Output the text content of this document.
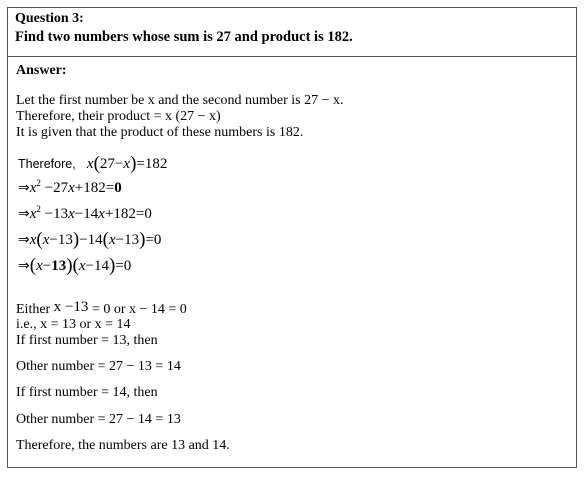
Question 3:
Find two numbers whose sum is 27 and product is 182.
Answer:
Let the first number be x and the second number is 27 − x.
Therefore, their product = x (27 − x)
It is given that the product of these numbers is 182.
Therefore, x(27−x)=182
$\Rightarrow x^2 -27x+182=0$
$\Rightarrow x^2 -13x-14x+182=0$
⇒x(x−13)−14(x−13)=0
⇒(x−13)(x−14)=0
Either x −13 = 0 or x − 14 = 0
i.e., x = 13 or x = 14
If first number = 13, then
Other number = 27 − 13 = 14
If first number = 14, then
Other number = 27 − 14 = 13
Therefore, the numbers are 13 and 14.
